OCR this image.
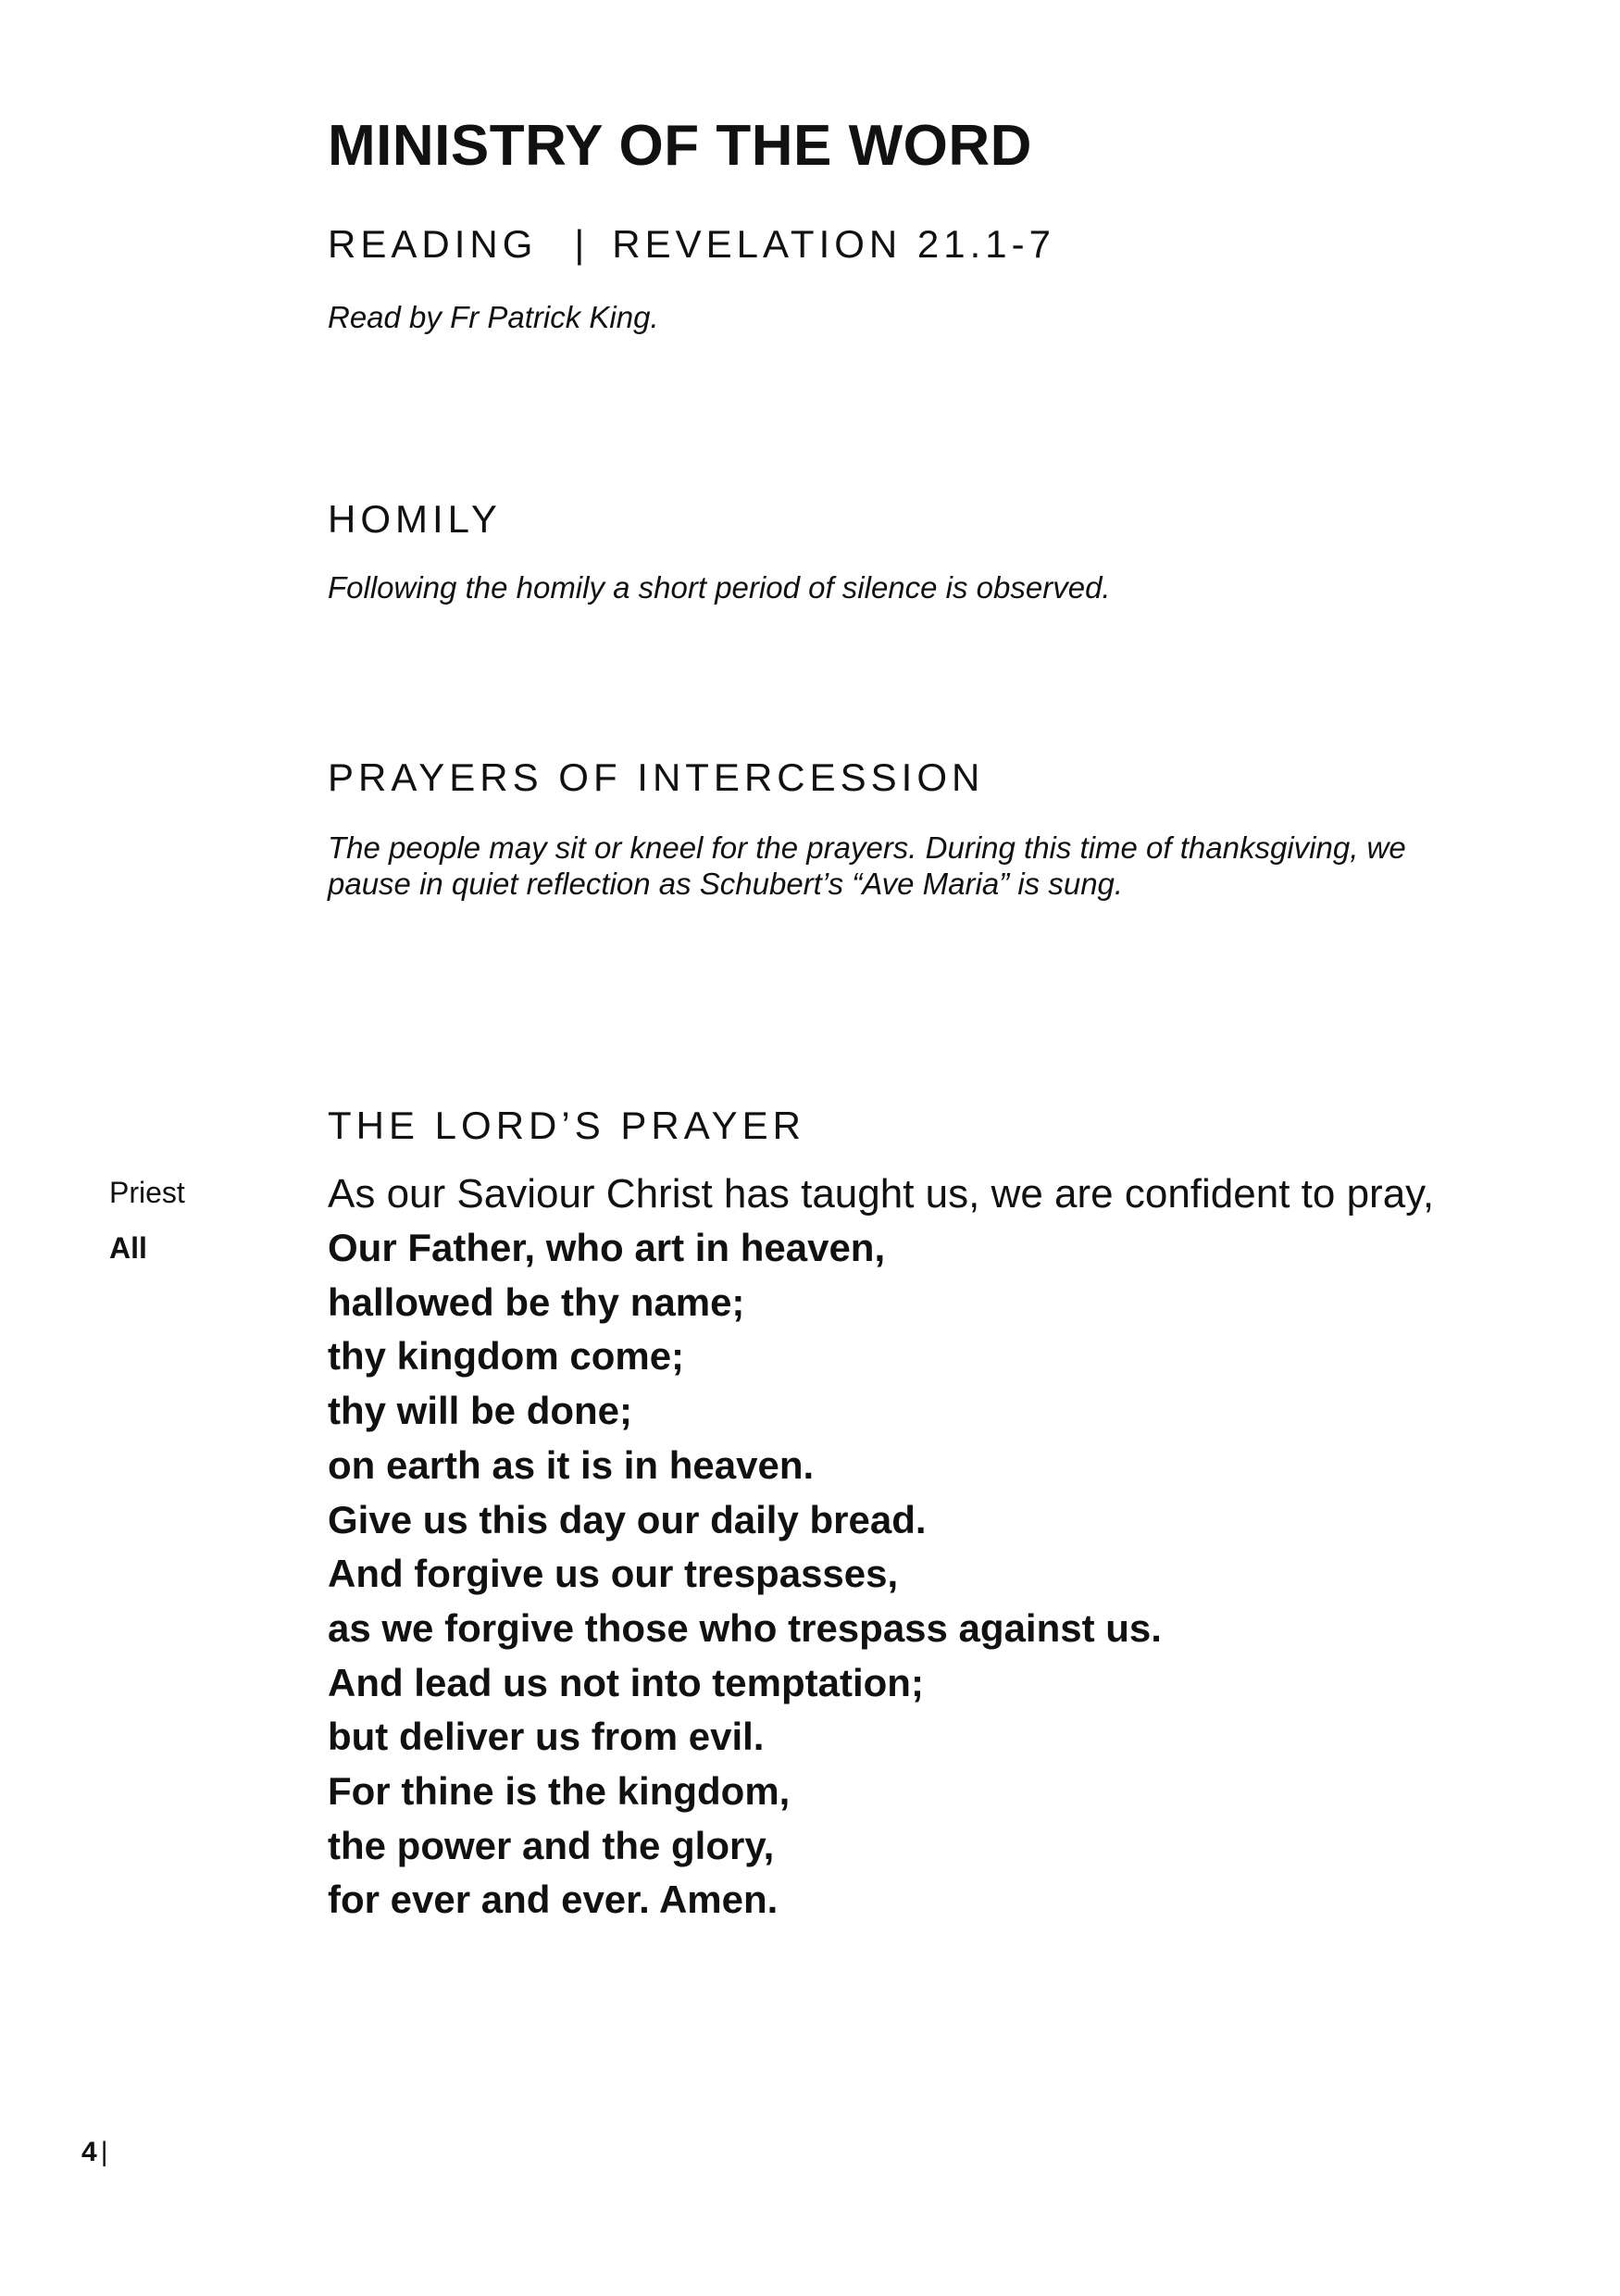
MINISTRY OF THE WORD
READING | REVELATION 21.1-7

Read by Fr Patrick King.

HOMILY

Following the homily a short period of silence is observed.

PRAYERS OF INTERCESSION

The people may sit or kneel for the prayers. During this time of thanksgiving, we pause in quiet reflection as Schubert’s “Ave Maria” is sung.

THE LORD’S PRAYER
Priest	As our Saviour Christ has taught us, we are confident to pray,

All	Our Father, who art in heaven,
hallowed be thy name;
thy kingdom come;
thy will be done;
on earth as it is in heaven.
Give us this day our daily bread.
And forgive us our trespasses,
as we forgive those who trespass against us.
And lead us not into temptation;
but deliver us from evil.
For thine is the kingdom,
the power and the glory,
for ever and ever. Amen.
4 |
